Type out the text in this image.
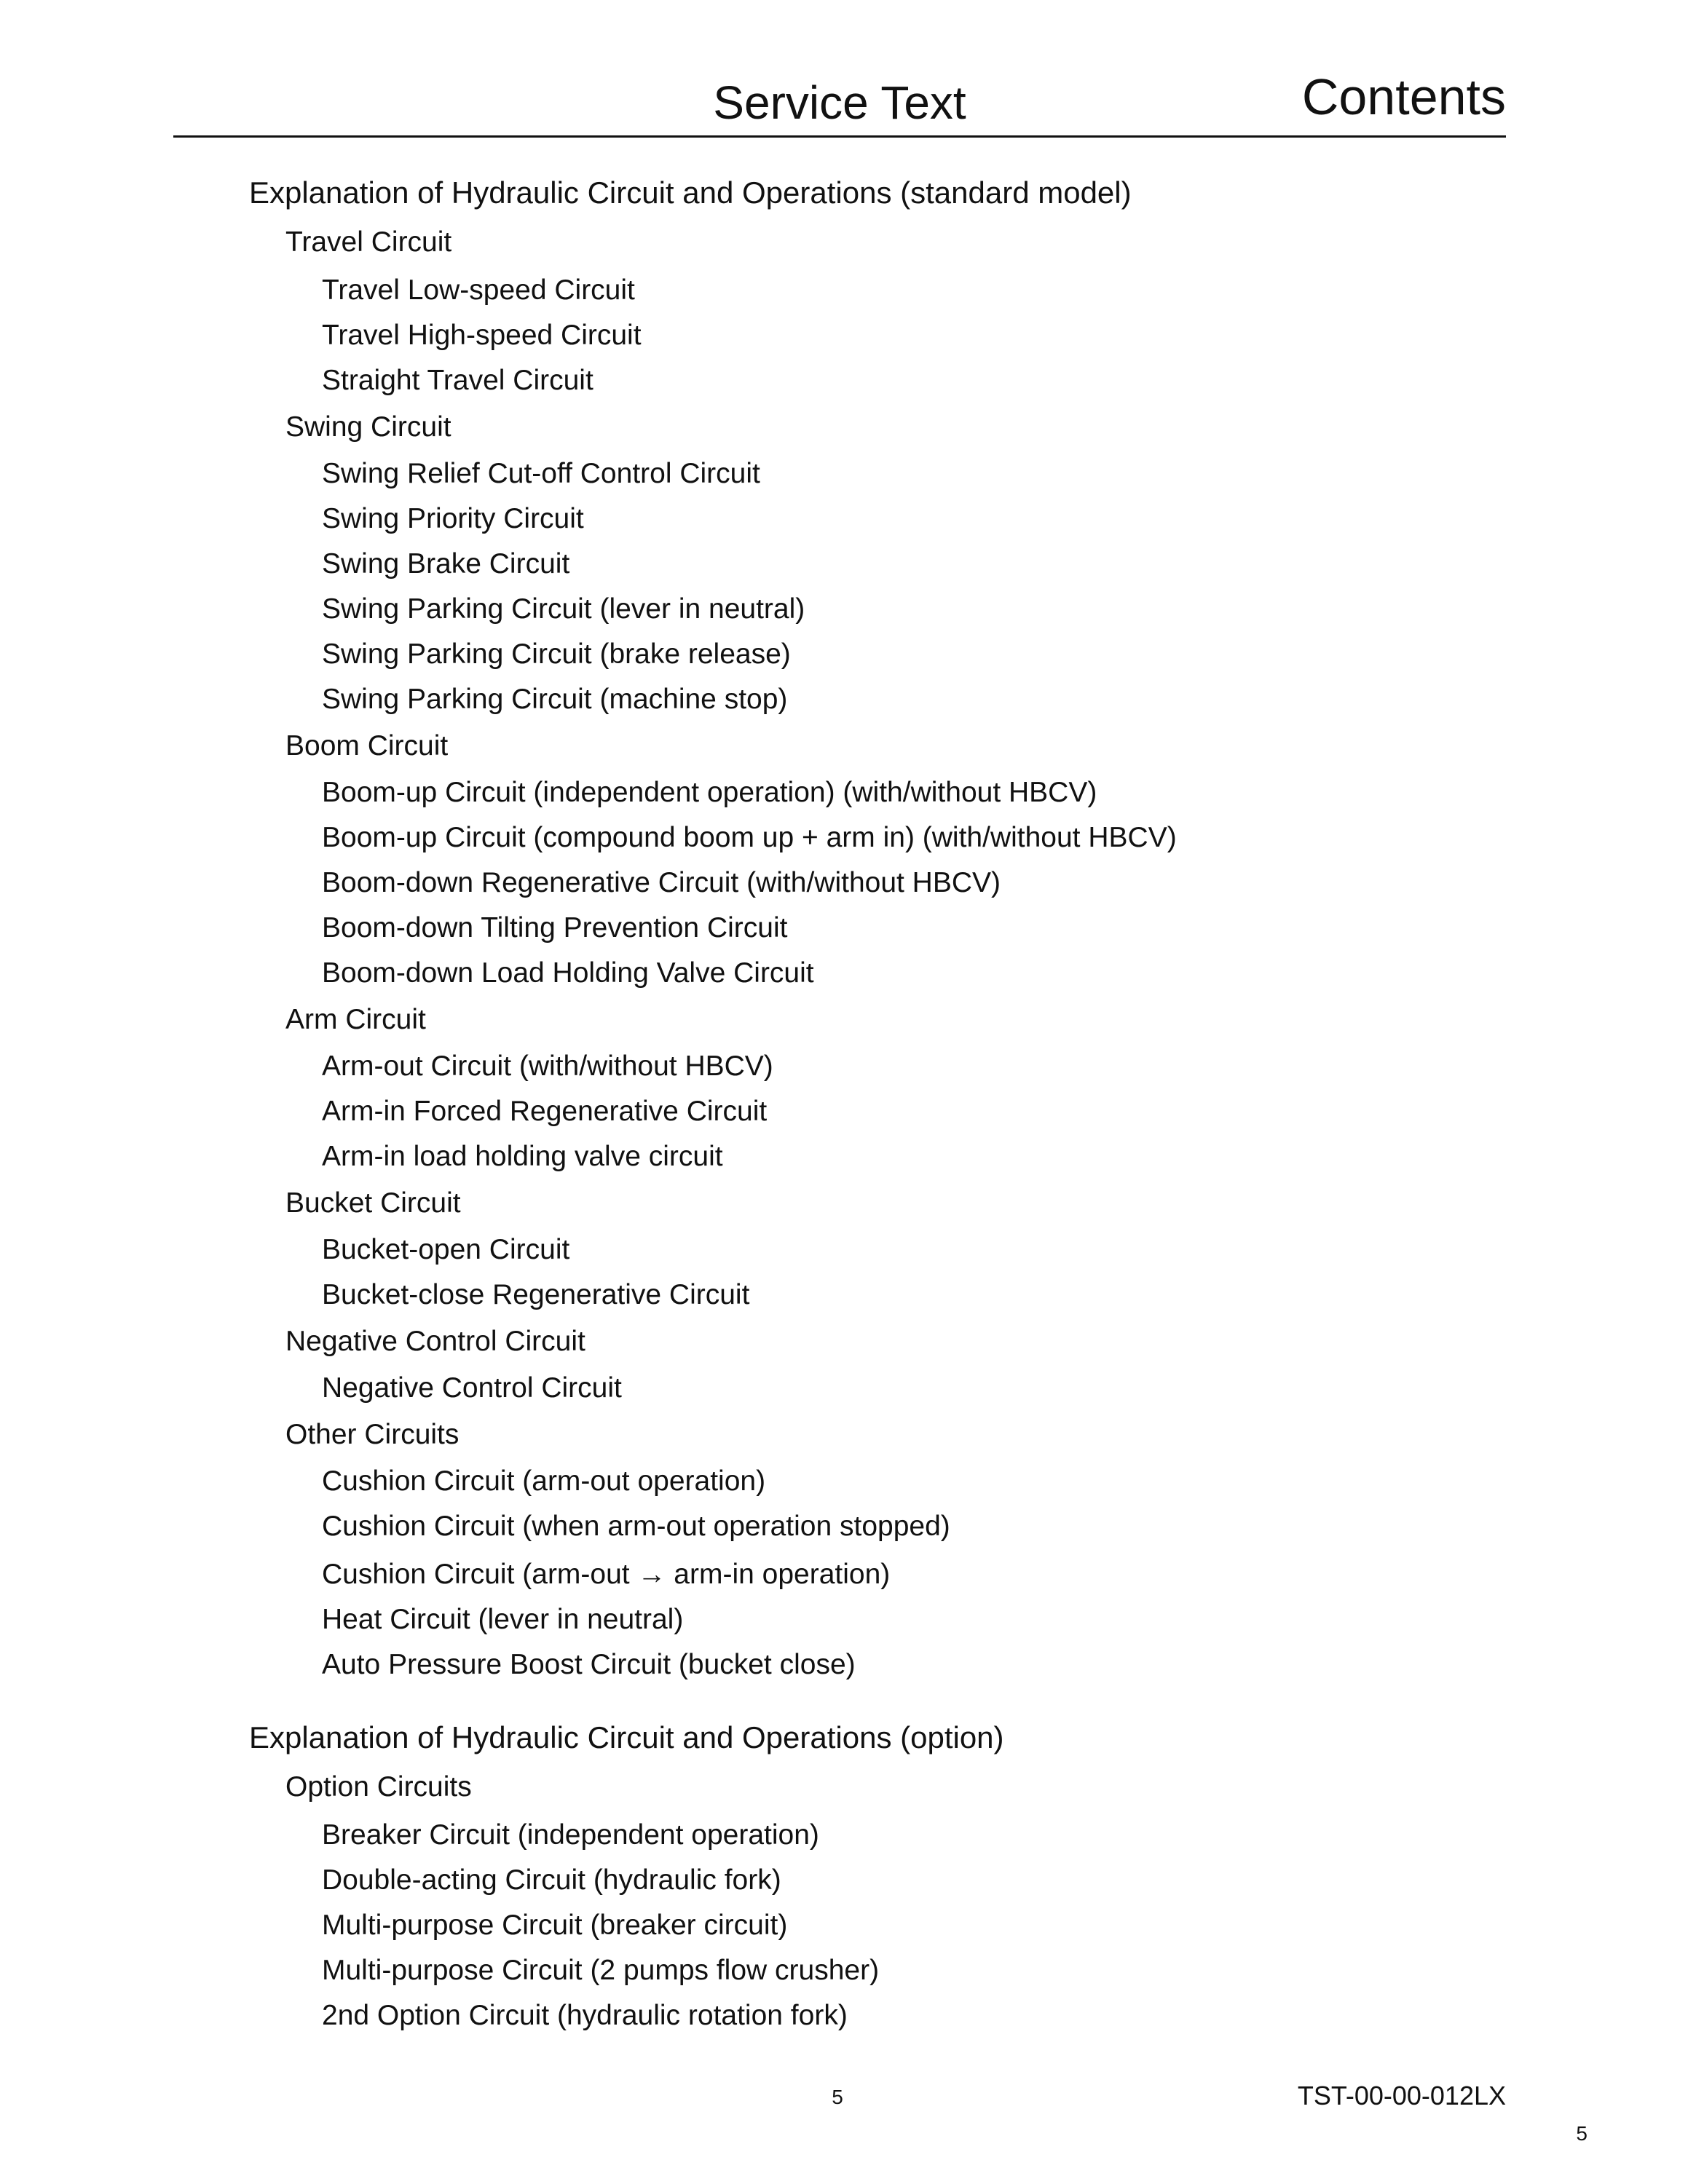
Service Text	Contents
Explanation of Hydraulic Circuit and Operations (standard model)
Travel Circuit
Travel Low-speed Circuit
Travel High-speed Circuit
Straight Travel Circuit
Swing Circuit
Swing Relief Cut-off Control Circuit
Swing Priority Circuit
Swing Brake Circuit
Swing Parking Circuit (lever in neutral)
Swing Parking Circuit (brake release)
Swing Parking Circuit (machine stop)
Boom Circuit
Boom-up Circuit (independent operation) (with/without HBCV)
Boom-up Circuit (compound boom up + arm in) (with/without HBCV)
Boom-down Regenerative Circuit (with/without HBCV)
Boom-down Tilting Prevention Circuit
Boom-down Load Holding Valve Circuit
Arm Circuit
Arm-out Circuit (with/without HBCV)
Arm-in Forced Regenerative Circuit
Arm-in load holding valve circuit
Bucket Circuit
Bucket-open Circuit
Bucket-close Regenerative Circuit
Negative Control Circuit
Negative Control Circuit
Other Circuits
Cushion Circuit (arm-out operation)
Cushion Circuit (when arm-out operation stopped)
Cushion Circuit (arm-out → arm-in operation)
Heat Circuit (lever in neutral)
Auto Pressure Boost Circuit (bucket close)
Explanation of Hydraulic Circuit and Operations (option)
Option Circuits
Breaker Circuit (independent operation)
Double-acting Circuit (hydraulic fork)
Multi-purpose Circuit (breaker circuit)
Multi-purpose Circuit (2 pumps flow crusher)
2nd Option Circuit (hydraulic rotation fork)
5	TST-00-00-012LX
5
